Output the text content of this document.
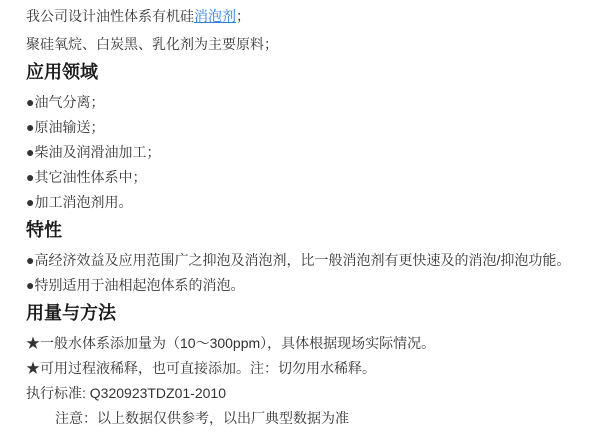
我公司设计油性体系有机硅消泡剂；

聚硅氧烷、白炭黑、乳化剂为主要原料；

应用领域

●油气分离；

●原油输送；

●柴油及润滑油加工；

●其它油性体系中；

●加工消泡剂用。

特性

●高经济效益及应用范围广之抑泡及消泡剂，比一般消泡剂有更快速及的消泡/抑泡功能。

●特别适用于油相起泡体系的消泡。

用量与方法

★一般水体系添加量为（10～300ppm），具体根据现场实际情况。

★可用过程液稀释，也可直接添加。注：切勿用水稀释。

执行标准: Q320923TDZ01-2010

注意：以上数据仅供参考，以出厂典型数据为准
